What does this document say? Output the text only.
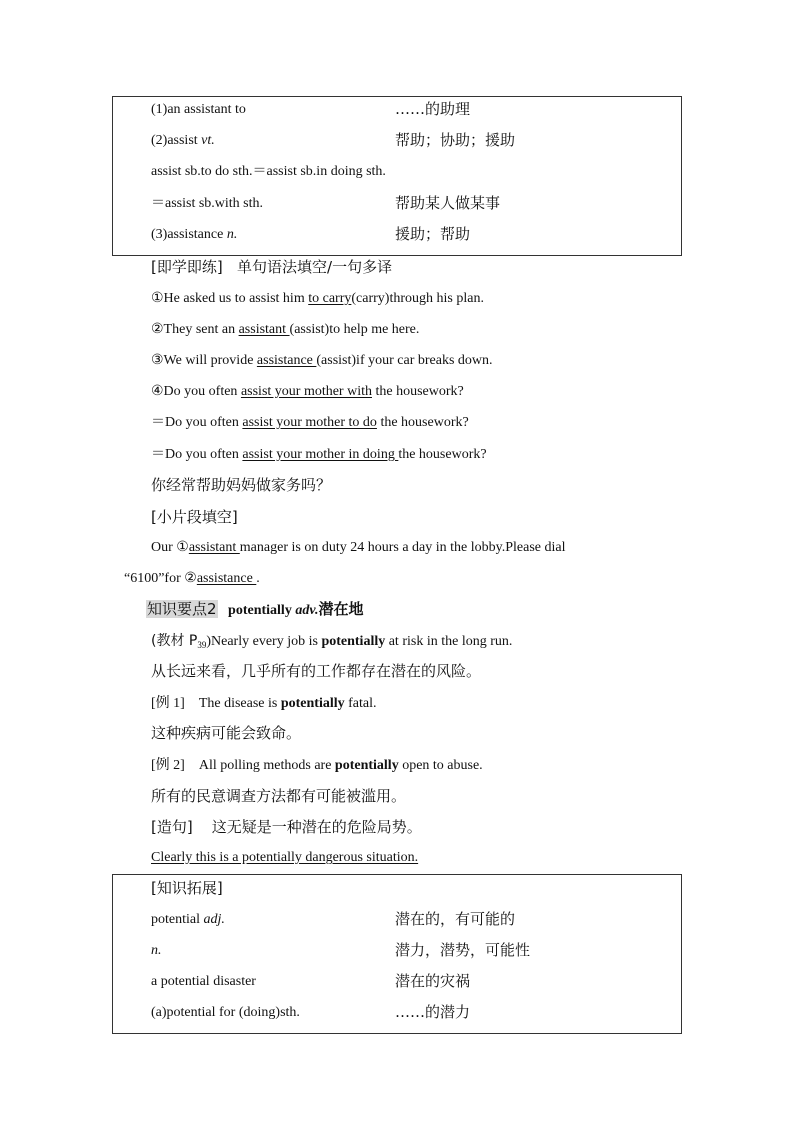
(1)an assistant to	……的助理
(2)assist vt.	帮助；协助；援助
assist sb.to do sth.＝assist sb.in doing sth.
＝assist sb.with sth.	帮助某人做某事
(3)assistance n.	援助；帮助
[即学即练] 单句语法填空/一句多译
①He asked us to assist him to carry(carry)through his plan.
②They sent an assistant (assist)to help me here.
③We will provide assistance (assist)if your car breaks down.
④Do you often assist your mother with the housework?
＝Do you often assist your mother to do the housework?
＝Do you often assist your mother in doing the housework?
你经常帮助妈妈做家务吗？
[小片段填空]
Our ①assistant manager is on duty 24 hours a day in the lobby.Please dial
“6100”for ②assistance .
知识要点2 potentially adv.潜在地
(教材 $P_{39})Nearly$ every job is potentially at risk in the long run.
从长远来看，几乎所有的工作都存在潜在的风险。
[例 1] The disease is potentially fatal.
这种疾病可能会致命。
[例 2] All polling methods are potentially open to abuse.
所有的民意调查方法都有可能被滥用。
[造句] 这无疑是一种潜在的危险局势。
Clearly this is a potentially dangerous situation.
[知识拓展]
potential adj.	潜在的，有可能的
n.	潜力，潜势，可能性
a potential disaster	潜在的灾祸
(a)potential for (doing)sth.	……的潜力
